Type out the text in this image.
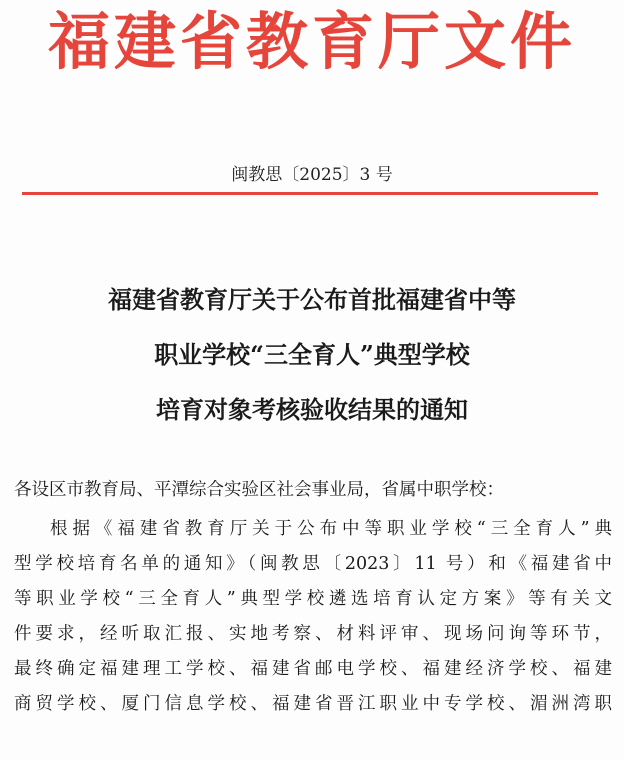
福建省教育厅文件
闽教思〔2025〕3 号
福建省教育厅关于公布首批福建省中等
职业学校“三全育人”典型学校
培育对象考核验收结果的通知
各设区市教育局、平潭综合实验区社会事业局，省属中职学校：
根据《福建省教育厅关于公布中等职业学校“三全育人”典
型学校培育名单的通知》（闽教思〔2023〕11 号）和《福建省中
等职业学校“三全育人”典型学校遴选培育认定方案》等有关文
件要求，经听取汇报、实地考察、材料评审、现场问询等环节，
最终确定福建理工学校、福建省邮电学校、福建经济学校、福建
商贸学校、厦门信息学校、福建省晋江职业中专学校、湄洲湾职
